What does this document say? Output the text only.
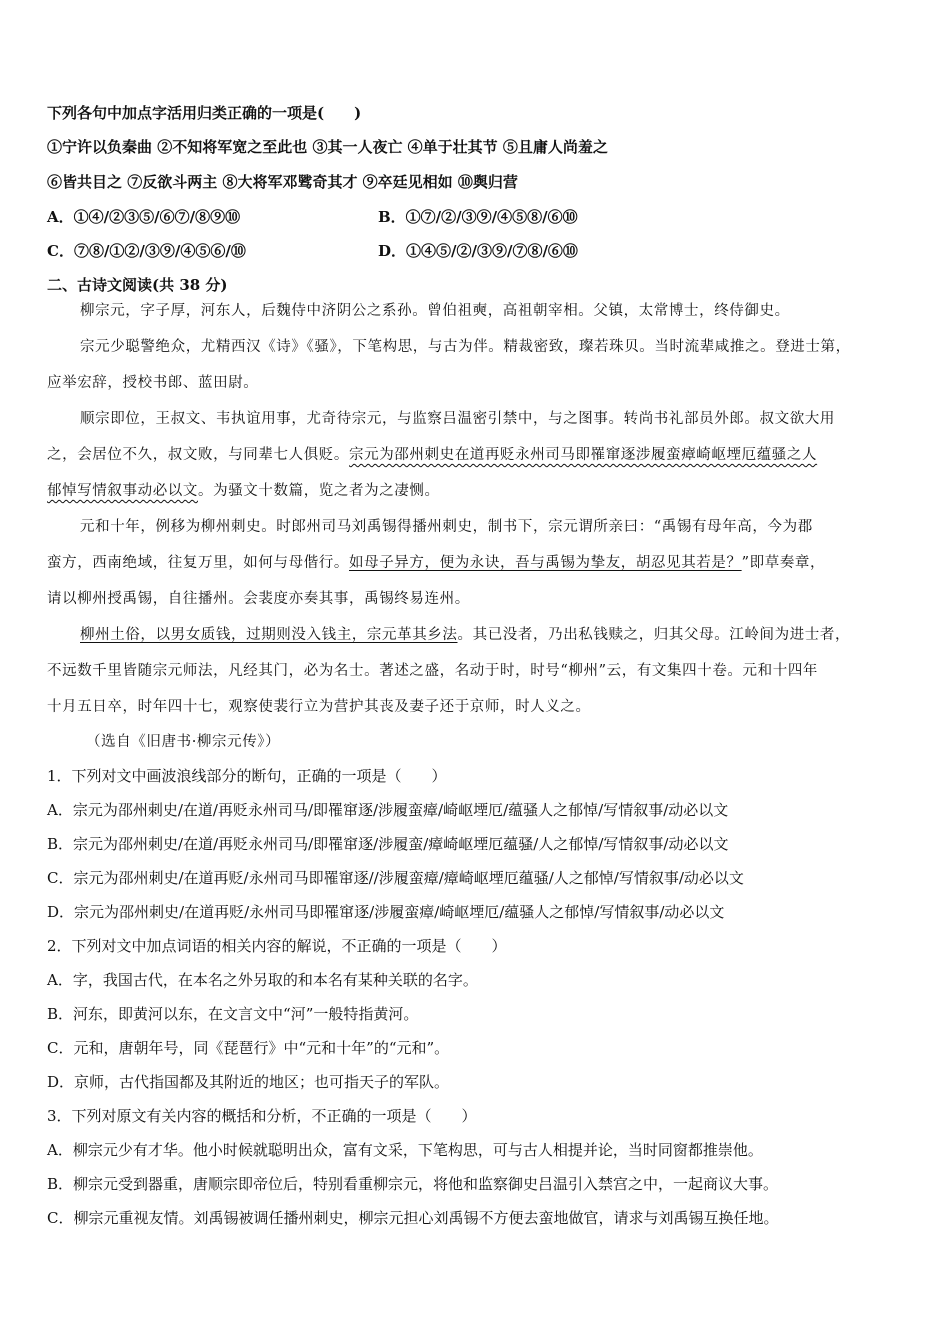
下列各句中加点字活用归类正确的一项是(　　)
①宁许以负秦曲 ②不知将军宽之至此也 ③其一人夜亡 ④单于壮其节 ⑤且庸人尚羞之
⑥皆共目之 ⑦反欲斗两主 ⑧大将军邓骘奇其才 ⑨卒廷见相如 ⑩舆归营
A．①④/②③⑤/⑥⑦/⑧⑨⑩	B．①⑦/②/③⑨/④⑤⑧/⑥⑩
C．⑦⑧/①②/③⑨/④⑤⑥/⑩	D．①④⑤/②/③⑨/⑦⑧/⑥⑩
二、古诗文阅读(共 38 分)
柳宗元，字子厚，河东人，后魏侍中济阴公之系孙。曾伯祖奭，高祖朝宰相。父镇，太常博士，终侍御史。
宗元少聪警绝众，尤精西汉《诗》《骚》，下笔构思，与古为伴。精裁密致，璨若珠贝。当时流辈咸推之。登进士第，
应举宏辞，授校书郎、蓝田尉。
顺宗即位，王叔文、韦执谊用事，尤奇待宗元，与监察吕温密引禁中，与之图事。转尚书礼部员外郎。叔文欲大用
之，会居位不久，叔文败，与同辈七人俱贬。宗元为邵州刺史在道再贬永州司马即罹窜逐涉履蛮瘴崎岖堙厄蕴骚之人
郁悼写情叙事动必以文。为骚文十数篇，览之者为之凄恻。
元和十年，例移为柳州刺史。时郎州司马刘禹锡得播州刺史，制书下，宗元谓所亲曰：“禹锡有母年高，今为郡
蛮方，西南绝域，往复万里，如何与母偕行。如母子异方，便为永诀，吾与禹锡为挚友，胡忍见其若是？”即草奏章，
请以柳州授禹锡，自往播州。会裴度亦奏其事，禹锡终易连州。
柳州土俗，以男女质钱，过期则没入钱主，宗元革其乡法。其已没者，乃出私钱赎之，归其父母。江岭间为进士者，
不远数千里皆随宗元师法，凡经其门，必为名士。著述之盛，名动于时，时号“柳州”云，有文集四十卷。元和十四年
十月五日卒，时年四十七，观察使裴行立为营护其丧及妻子还于京师，时人义之。
（选自《旧唐书·柳宗元传》）
1．下列对文中画波浪线部分的断句，正确的一项是（　　）
A．宗元为邵州刺史/在道/再贬永州司马/即罹窜逐/涉履蛮瘴/崎岖堙厄/蕴骚人之郁悼/写情叙事/动必以文
B．宗元为邵州刺史/在道/再贬永州司马/即罹窜逐/涉履蛮/瘴崎岖堙厄蕴骚/人之郁悼/写情叙事/动必以文
C．宗元为邵州刺史/在道再贬/永州司马即罹窜逐//涉履蛮瘴/瘴崎岖堙厄蕴骚/人之郁悼/写情叙事/动必以文
D．宗元为邵州刺史/在道再贬/永州司马即罹窜逐/涉履蛮瘴/崎岖堙厄/蕴骚人之郁悼/写情叙事/动必以文
2．下列对文中加点词语的相关内容的解说，不正确的一项是（　　）
A．字，我国古代，在本名之外另取的和本名有某种关联的名字。
B．河东，即黄河以东，在文言文中“河”一般特指黄河。
C．元和，唐朝年号，同《琵琶行》中“元和十年”的“元和”。
D．京师，古代指国都及其附近的地区；也可指天子的军队。
3．下列对原文有关内容的概括和分析，不正确的一项是（　　）
A．柳宗元少有才华。他小时候就聪明出众，富有文采，下笔构思，可与古人相提并论，当时同窗都推崇他。
B．柳宗元受到器重，唐顺宗即帝位后，特别看重柳宗元，将他和监察御史吕温引入禁宫之中，一起商议大事。
C．柳宗元重视友情。刘禹锡被调任播州刺史，柳宗元担心刘禹锡不方便去蛮地做官，请求与刘禹锡互换任地。
